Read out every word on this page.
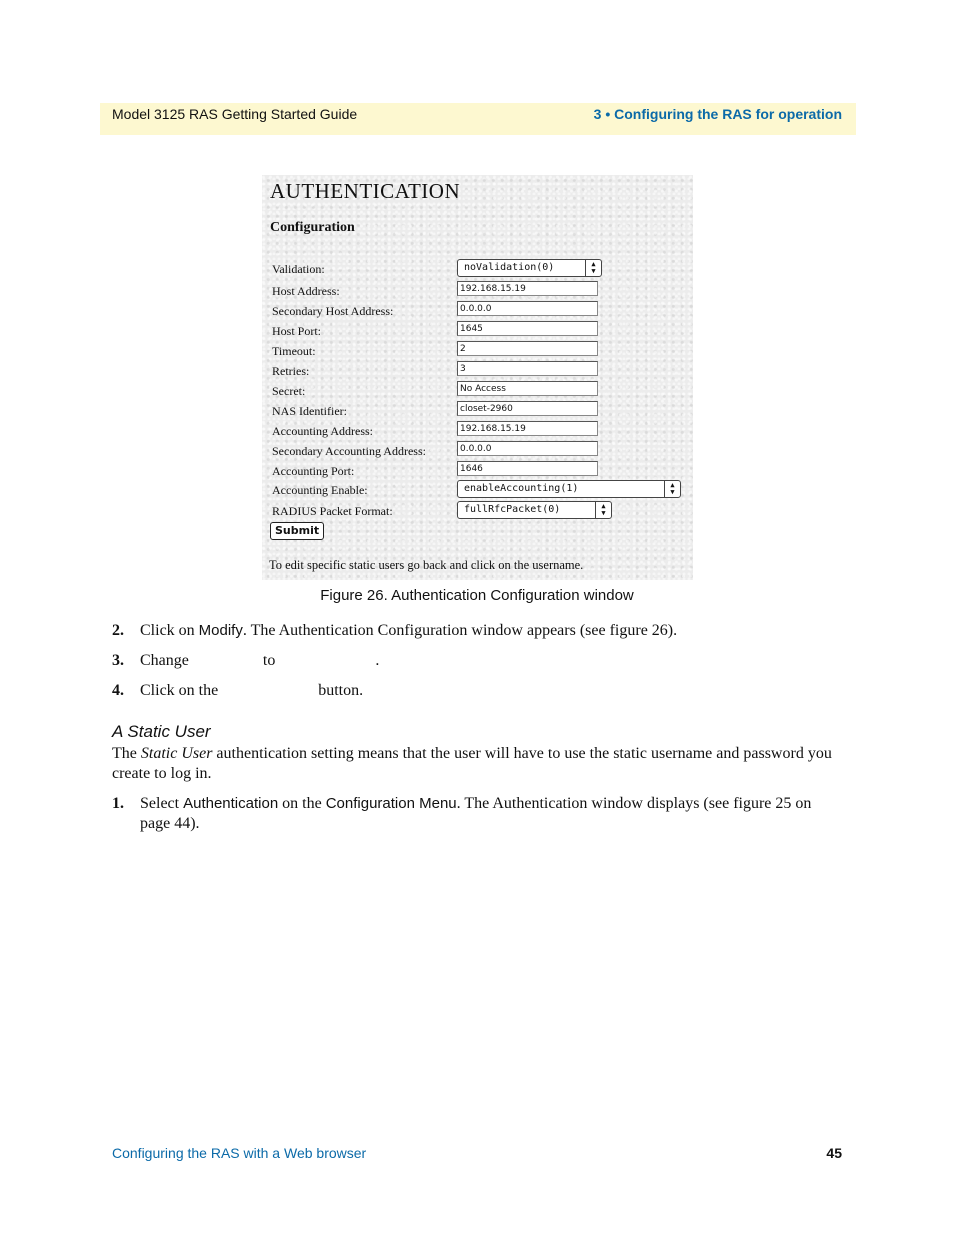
Model 3125 RAS Getting Started Guide	3 • Configuring the RAS for operation
AUTHENTICATION
Configuration
Validation:	noValidation(0)	▲
▼
Host Address:	192.168.15.19
Secondary Host Address:	0.0.0.0
Host Port:	1645
Timeout:	2
Retries:	3
Secret:	No Access
NAS Identifier:	closet-2960
Accounting Address:	192.168.15.19
Secondary Accounting Address:	0.0.0.0
Accounting Port:	1646
Accounting Enable:	enableAccounting(1)	▲
▼
RADIUS Packet Format:	fullRfcPacket(0)	▲
▼
Submit
To edit specific static users go back and click on the username.
Figure 26. Authentication Configuration window
2. Click on Modify. The Authentication Configuration window appears (see figure 26).
3. Change	to	.
4. Click on the	button.
A Static User
The Static User authentication setting means that the user will have to use the static username and password you create to log in.
1. Select Authentication on the Configuration Menu. The Authentication window displays (see figure 25 on page 44).
Configuring the RAS with a Web browser	45
